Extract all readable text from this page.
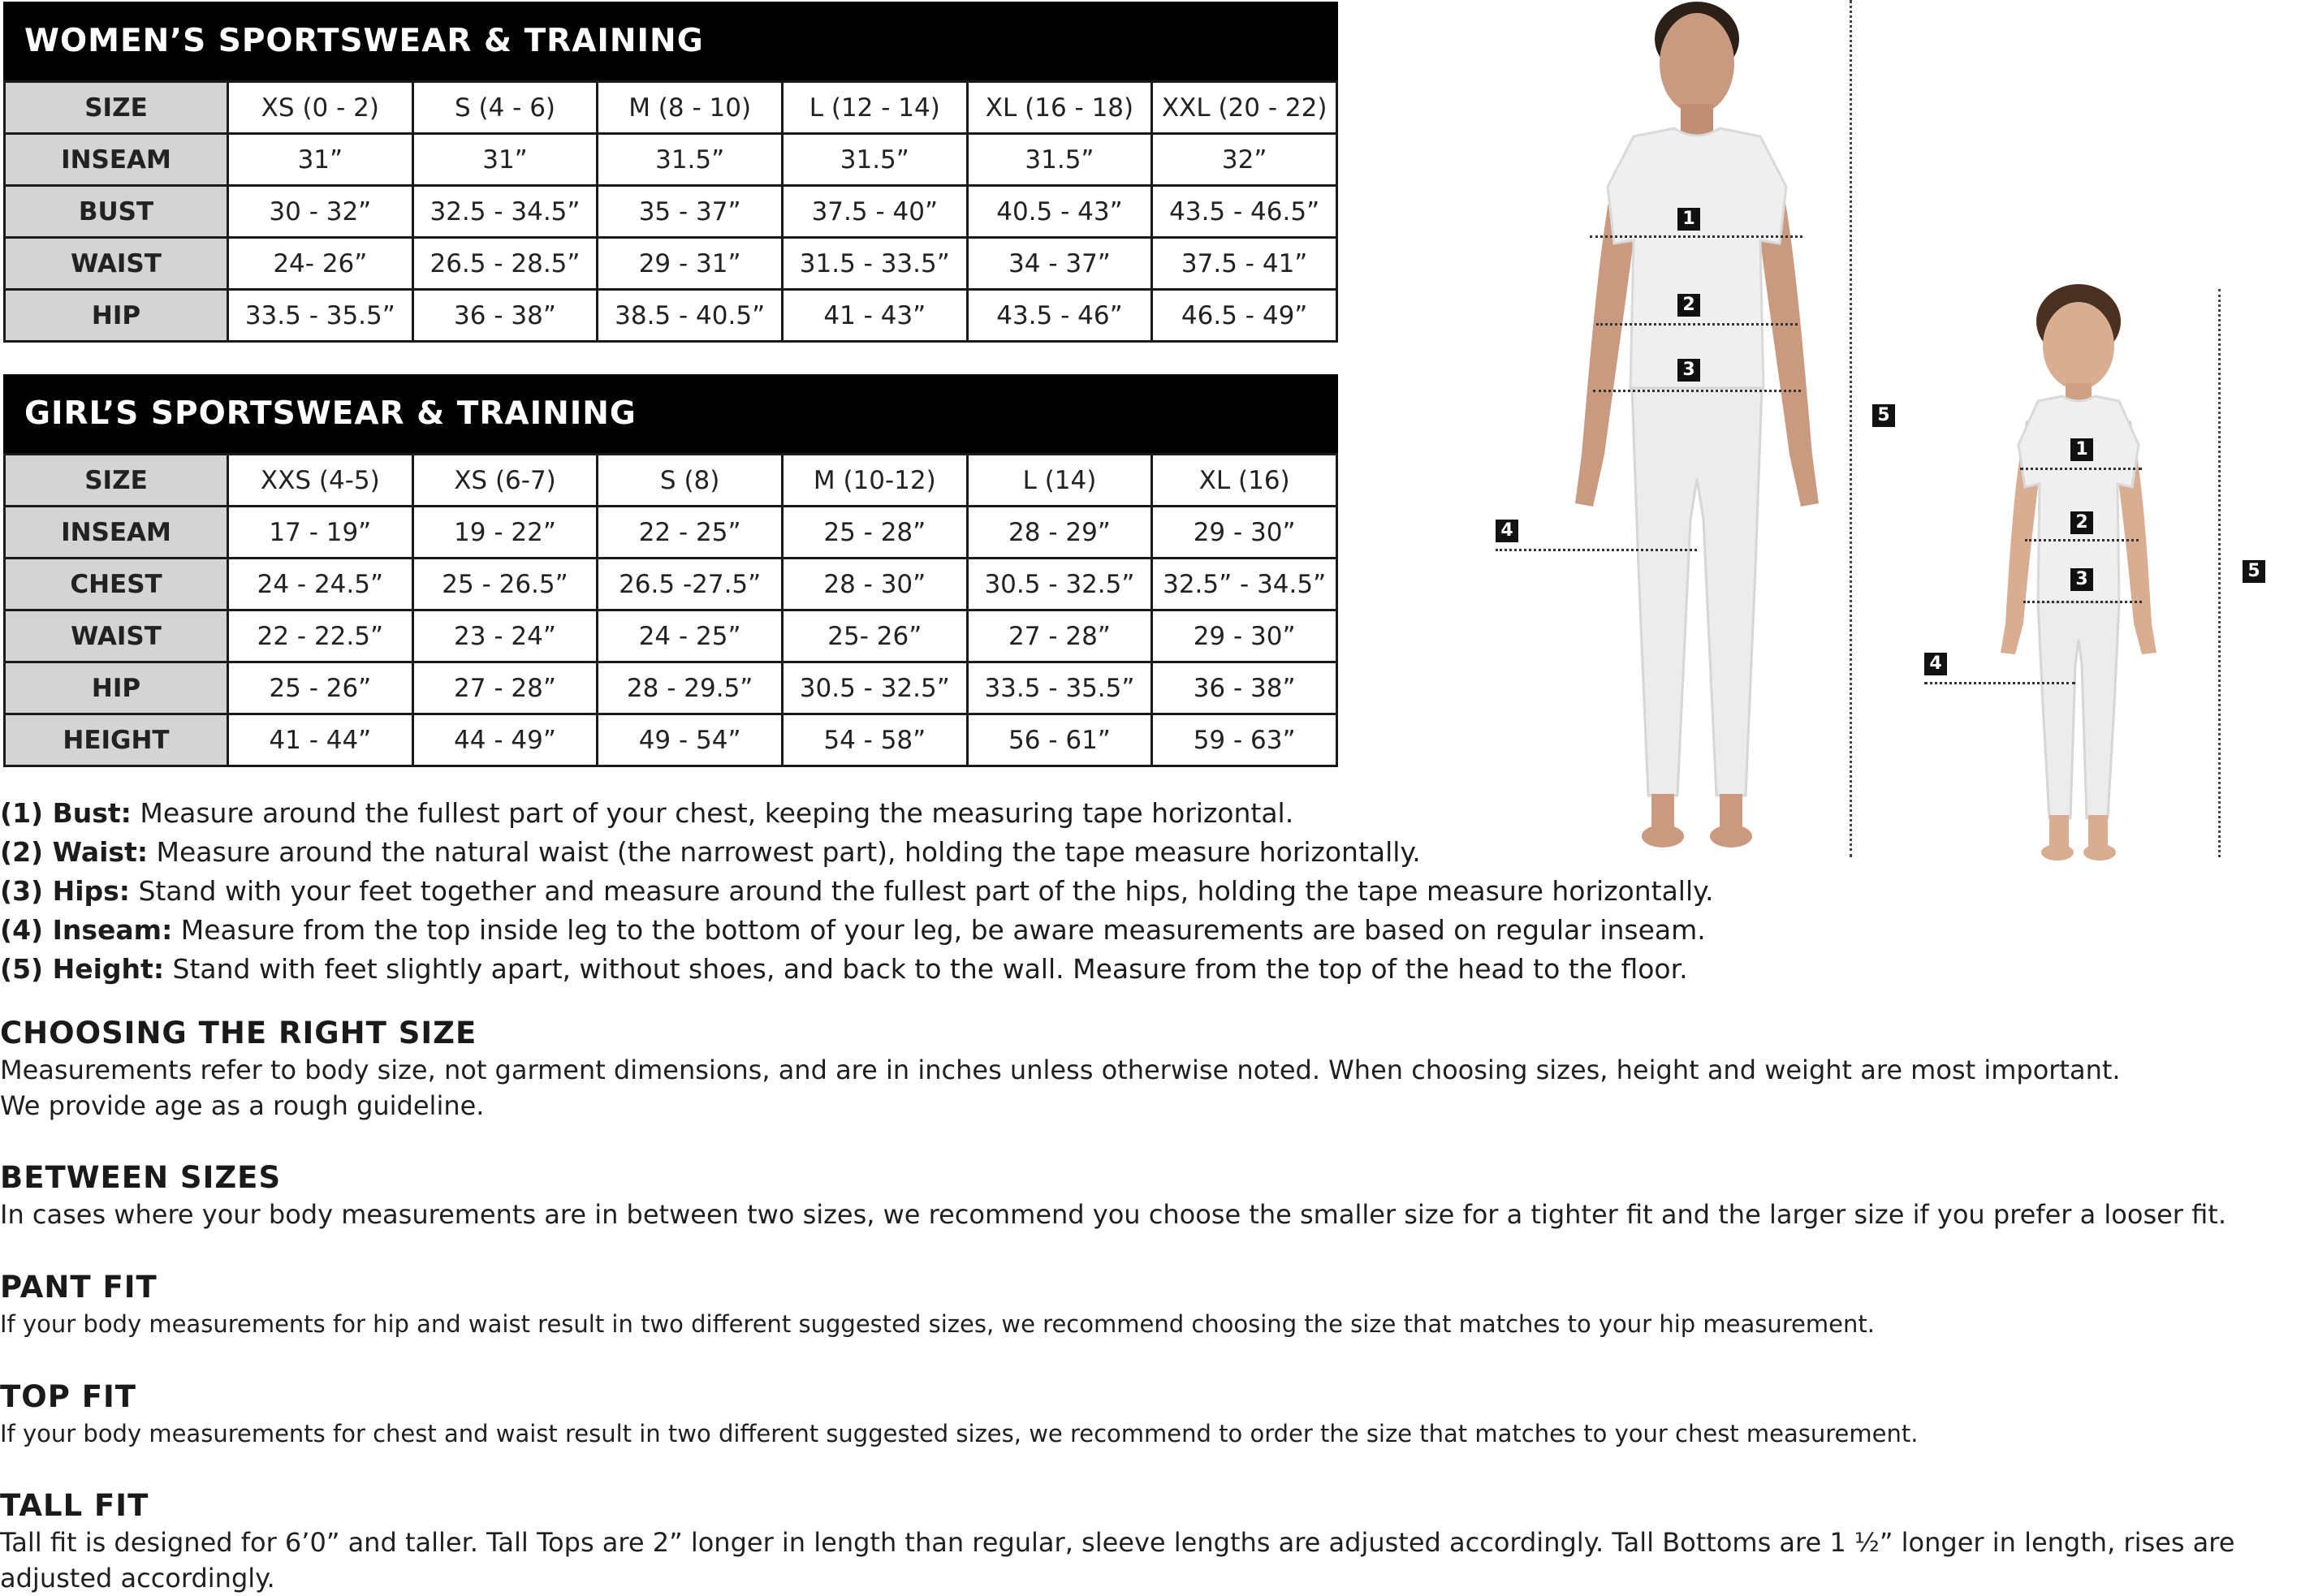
WOMEN’S SPORTSWEAR & TRAINING
SIZE	XS (0 - 2)	S (4 - 6)	M (8 - 10)	L (12 - 14)	XL (16 - 18)	XXL (20 - 22)
INSEAM	31”	31”	31.5”	31.5”	31.5”	32”
BUST	30 - 32”	32.5 - 34.5”	35 - 37”	37.5 - 40”	40.5 - 43”	43.5 - 46.5”
WAIST	24- 26”	26.5 - 28.5”	29 - 31”	31.5 - 33.5”	34 - 37”	37.5 - 41”
HIP	33.5 - 35.5”	36 - 38”	38.5 - 40.5”	41 - 43”	43.5 - 46”	46.5 - 49”
GIRL’S SPORTSWEAR & TRAINING
SIZE	XXS (4-5)	XS (6-7)	S (8)	M (10-12)	L (14)	XL (16)
INSEAM	17 - 19”	19 - 22”	22 - 25”	25 - 28”	28 - 29”	29 - 30”
CHEST	24 - 24.5”	25 - 26.5”	26.5 -27.5”	28 - 30”	30.5 - 32.5”	32.5” - 34.5”
WAIST	22 - 22.5”	23 - 24”	24 - 25”	25- 26”	27 - 28”	29 - 30”
HIP	25 - 26”	27 - 28”	28 - 29.5”	30.5 - 32.5”	33.5 - 35.5”	36 - 38”
HEIGHT	41 - 44”	44 - 49”	49 - 54”	54 - 58”	56 - 61”	59 - 63”
(1) Bust: Measure around the fullest part of your chest, keeping the measuring tape horizontal.
(2) Waist: Measure around the natural waist (the narrowest part), holding the tape measure horizontally.
(3) Hips: Stand with your feet together and measure around the fullest part of the hips, holding the tape measure horizontally.
(4) Inseam: Measure from the top inside leg to the bottom of your leg, be aware measurements are based on regular inseam.
(5) Height: Stand with feet slightly apart, without shoes, and back to the wall. Measure from the top of the head to the floor.
CHOOSING THE RIGHT SIZE

Measurements refer to body size, not garment dimensions, and are in inches unless otherwise noted. When choosing sizes, height and weight are most important.

We provide age as a rough guideline.

BETWEEN SIZES

In cases where your body measurements are in between two sizes, we recommend you choose the smaller size for a tighter fit and the larger size if you prefer a looser fit.

PANT FIT

If your body measurements for hip and waist result in two different suggested sizes, we recommend choosing the size that matches to your hip measurement.

TOP FIT

If your body measurements for chest and waist result in two different suggested sizes, we recommend to order the size that matches to your chest measurement.

TALL FIT

Tall fit is designed for 6’0” and taller. Tall Tops are 2” longer in length than regular, sleeve lengths are adjusted accordingly. Tall Bottoms are 1 ½” longer in length, rises are

adjusted accordingly.

1
2
3
4
5
1
2
3
4
5
